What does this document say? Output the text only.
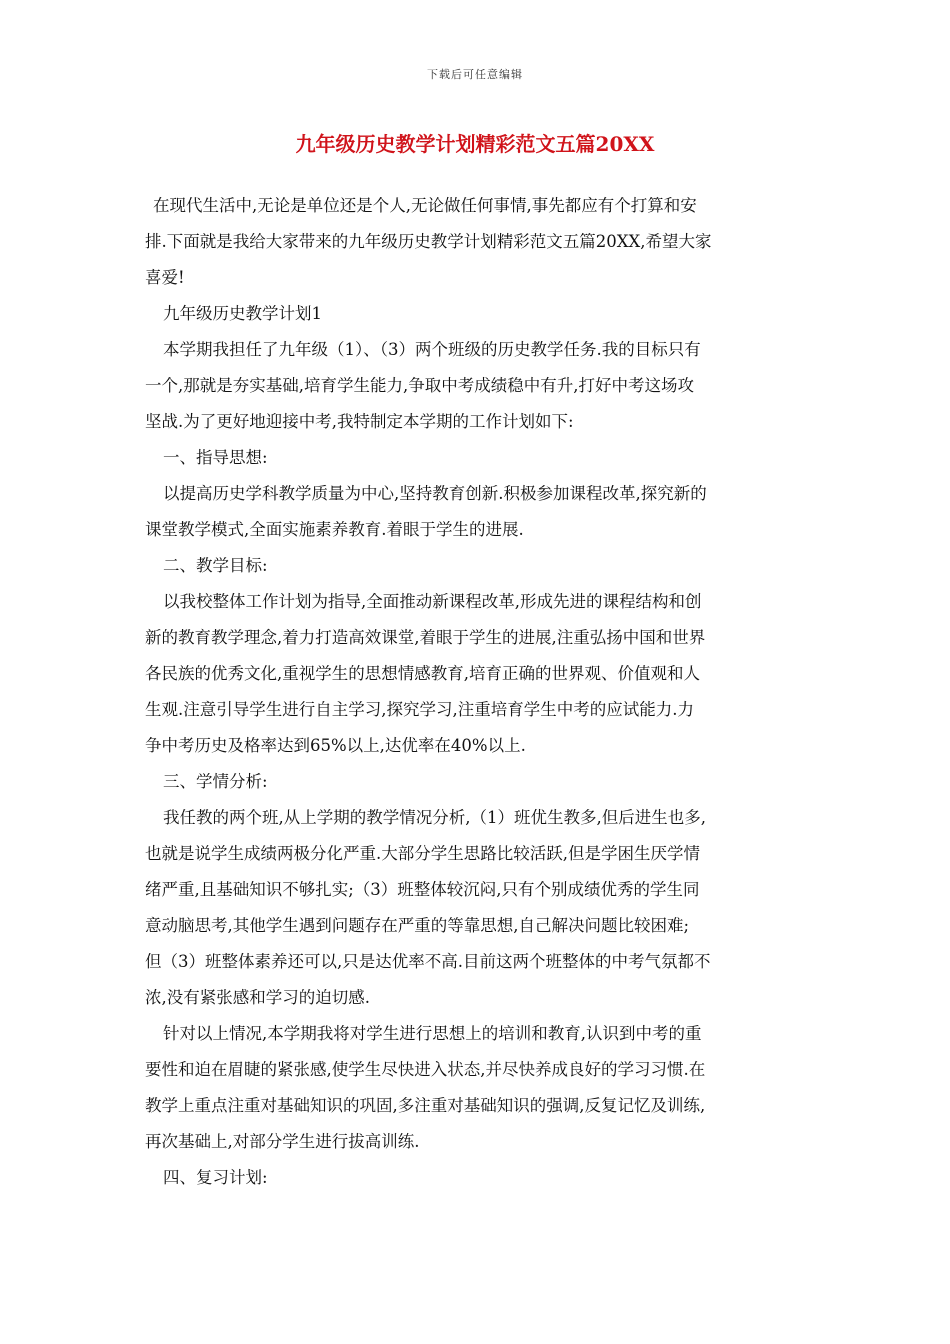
下载后可任意编辑
九年级历史教学计划精彩范文五篇20XX

在现代生活中,无论是单位还是个人,无论做任何事情,事先都应有个打算和安

排.下面就是我给大家带来的九年级历史教学计划精彩范文五篇20XX,希望大家

喜爱!

九年级历史教学计划1

本学期我担任了九年级（1）、（3）两个班级的历史教学任务.我的目标只有

一个,那就是夯实基础,培育学生能力,争取中考成绩稳中有升,打好中考这场攻

坚战.为了更好地迎接中考,我特制定本学期的工作计划如下:

一、指导思想:

以提高历史学科教学质量为中心,坚持教育创新.积极参加课程改革,探究新的

课堂教学模式,全面实施素养教育.着眼于学生的进展.

二、教学目标:

以我校整体工作计划为指导,全面推动新课程改革,形成先进的课程结构和创

新的教育教学理念,着力打造高效课堂,着眼于学生的进展,注重弘扬中国和世界

各民族的优秀文化,重视学生的思想情感教育,培育正确的世界观、价值观和人

生观.注意引导学生进行自主学习,探究学习,注重培育学生中考的应试能力.力

争中考历史及格率达到65%以上,达优率在40%以上.

三、学情分析:

我任教的两个班,从上学期的教学情况分析,（1）班优生教多,但后进生也多,

也就是说学生成绩两极分化严重.大部分学生思路比较活跃,但是学困生厌学情

绪严重,且基础知识不够扎实;（3）班整体较沉闷,只有个别成绩优秀的学生同

意动脑思考,其他学生遇到问题存在严重的等靠思想,自己解决问题比较困难;

但（3）班整体素养还可以,只是达优率不高.目前这两个班整体的中考气氛都不

浓,没有紧张感和学习的迫切感.

针对以上情况,本学期我将对学生进行思想上的培训和教育,认识到中考的重

要性和迫在眉睫的紧张感,使学生尽快进入状态,并尽快养成良好的学习习惯.在

教学上重点注重对基础知识的巩固,多注重对基础知识的强调,反复记忆及训练,

再次基础上,对部分学生进行拔高训练.

四、复习计划:
